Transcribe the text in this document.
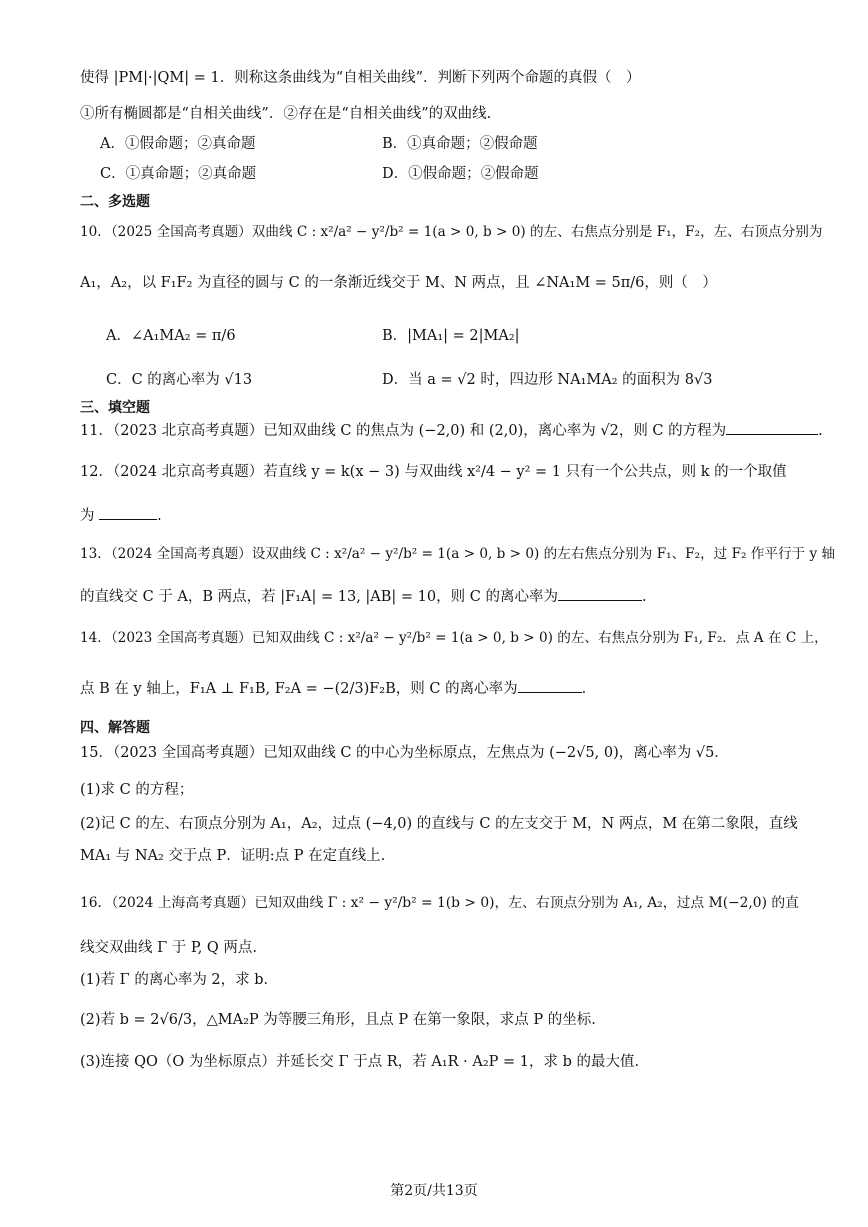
使得 |PM|·|QM| = 1．则称这条曲线为“自相关曲线”．判断下列两个命题的真假（　）
①所有椭圆都是“自相关曲线”．②存在是“自相关曲线”的双曲线.
A．①假命题；②真命题	B．①真命题；②假命题
C．①真命题；②真命题	D．①假命题；②假命题
二、多选题
10．（2025 全国高考真题）双曲线 C : x²/a² − y²/b² = 1(a > 0, b > 0) 的左、右焦点分别是 F₁，F₂，左、右顶点分别为
A₁，A₂，以 F₁F₂ 为直径的圆与 C 的一条渐近线交于 M、N 两点，且 ∠NA₁M = 5π/6，则（　）
A．∠A₁MA₂ = π/6	B．|MA₁| = 2|MA₂|
C．C 的离心率为 √13	D．当 a = √2 时，四边形 NA₁MA₂ 的面积为 8√3
三、填空题
11．（2023 北京高考真题）已知双曲线 C 的焦点为 (−2,0) 和 (2,0)，离心率为 √2，则 C 的方程为	.
12．（2024 北京高考真题）若直线 y = k(x − 3) 与双曲线 x²/4 − y² = 1 只有一个公共点，则 k 的一个取值
为	.
13．（2024 全国高考真题）设双曲线 C : x²/a² − y²/b² = 1(a > 0, b > 0) 的左右焦点分别为 F₁、F₂，过 F₂ 作平行于 y 轴
的直线交 C 于 A，B 两点，若 |F₁A| = 13, |AB| = 10，则 C 的离心率为	.
14．（2023 全国高考真题）已知双曲线 C : x²/a² − y²/b² = 1(a > 0, b > 0) 的左、右焦点分别为 F₁, F₂．点 A 在 C 上，
点 B 在 y 轴上，F₁A ⊥ F₁B, F₂A = −(2/3)F₂B，则 C 的离心率为	.
四、解答题
15．（2023 全国高考真题）已知双曲线 C 的中心为坐标原点，左焦点为 (−2√5, 0)，离心率为 √5．
(1)求 C 的方程；
(2)记 C 的左、右顶点分别为 A₁，A₂，过点 (−4,0) 的直线与 C 的左支交于 M，N 两点，M 在第二象限，直线
MA₁ 与 NA₂ 交于点 P．证明:点 P 在定直线上.
16．（2024 上海高考真题）已知双曲线 Γ : x² − y²/b² = 1(b > 0)，左、右顶点分别为 A₁, A₂，过点 M(−2,0) 的直
线交双曲线 Γ 于 P, Q 两点.
(1)若 Γ 的离心率为 2，求 b．
(2)若 b = 2√6/3，△MA₂P 为等腰三角形，且点 P 在第一象限，求点 P 的坐标.
(3)连接 QO（O 为坐标原点）并延长交 Γ 于点 R，若 A₁R · A₂P = 1，求 b 的最大值.
第2页/共13页
